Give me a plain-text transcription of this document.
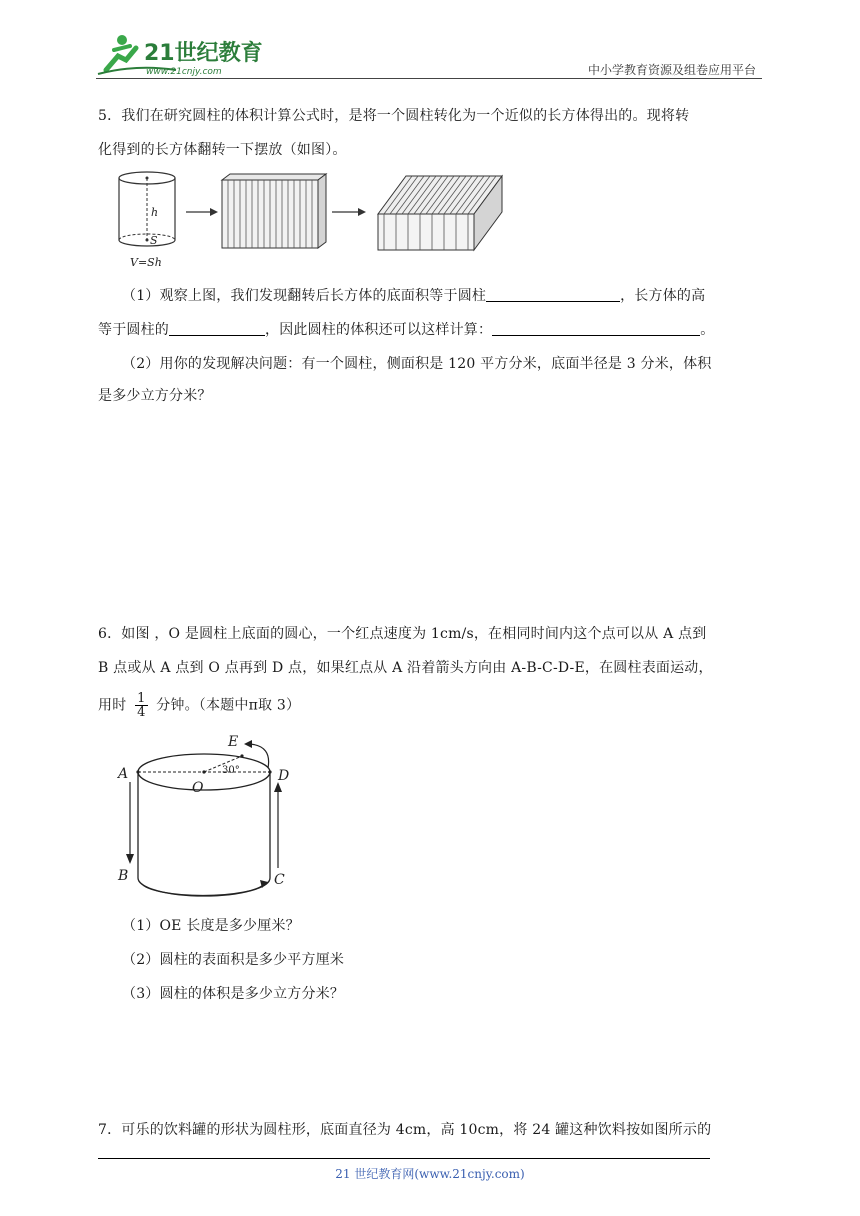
21世纪教育
www.21cnjy.com	中小学教育资源及组卷应用平台
5．我们在研究圆柱的体积计算公式时，是将一个圆柱转化为一个近似的长方体得出的。现将转
化得到的长方体翻转一下摆放（如图）。
h
S
V=Sh
（1）观察上图，我们发现翻转后长方体的底面积等于圆柱	，长方体的高
等于圆柱的	，因此圆柱的体积还可以这样计算：	。
（2）用你的发现解决问题：有一个圆柱，侧面积是 120 平方分米，底面半径是 3 分米，体积
是多少立方分米？
6．如图 ，O 是圆柱上底面的圆心，一个红点速度为 1cm/s，在相同时间内这个点可以从 A 点到
B 点或从 A 点到 O 点再到 D 点，如果红点从 A 沿着箭头方向由 A-B-C-D-E，在圆柱表面运动，
用时 $\frac{1}{4}$ 分钟。（本题中π取 3）
A
B	C
D
E
O
30°
（1）OE 长度是多少厘米？
（2）圆柱的表面积是多少平方厘米
（3）圆柱的体积是多少立方分米？
7．可乐的饮料罐的形状为圆柱形，底面直径为 4cm，高 10cm，将 24 罐这种饮料按如图所示的
21 世纪教育网(www.21cnjy.com)
